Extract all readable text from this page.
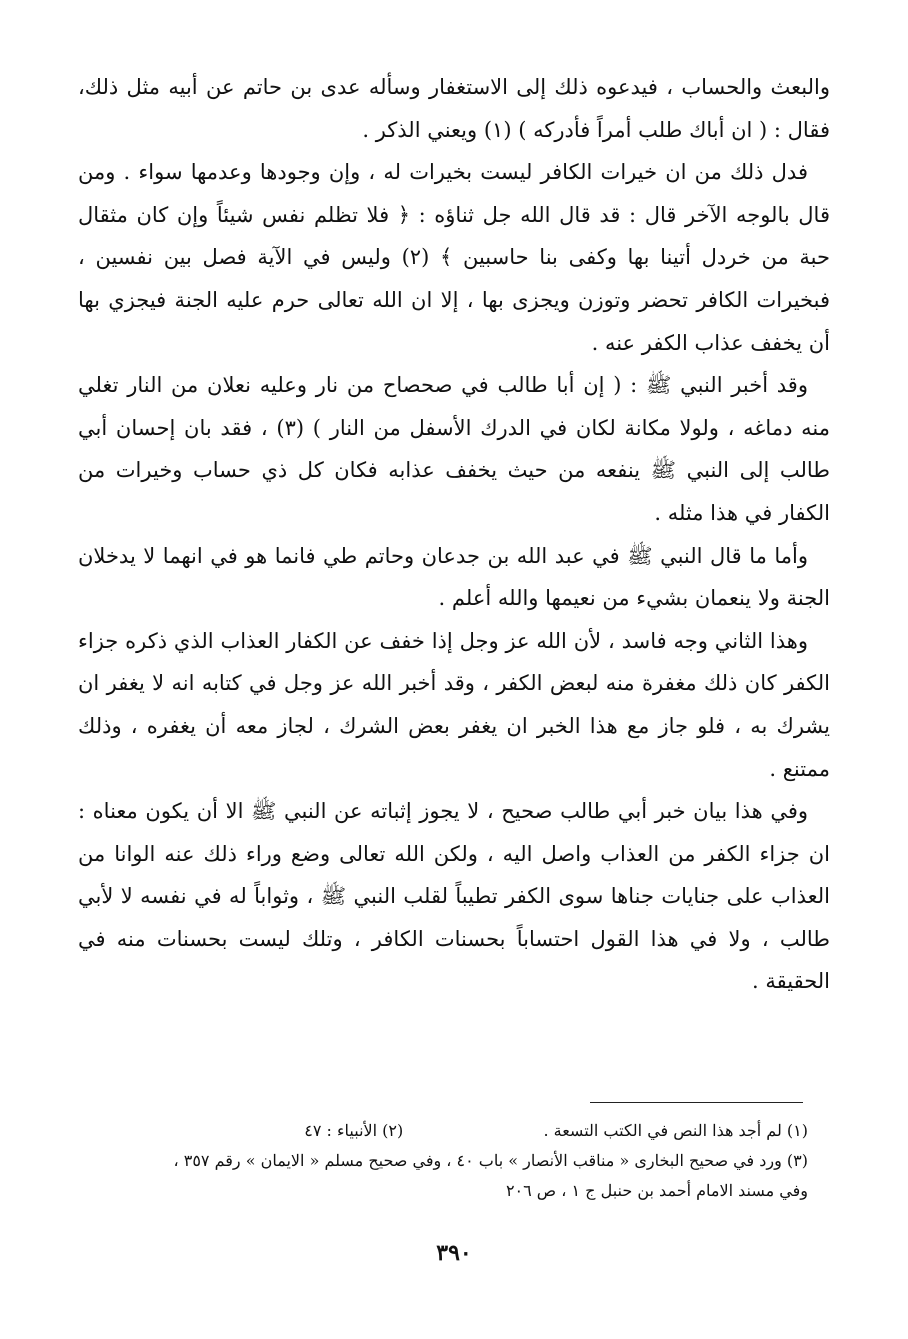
والبعث والحساب ، فيدعوه ذلك إلى الاستغفار وسأله عدى بن حاتم عن أبيه مثل ذلك، فقال : ( ان أباك طلب أمراً فأدركه ) (١) ويعني الذكر .

فدل ذلك من ان خيرات الكافر ليست بخيرات له ، وإن وجودها وعدمها سواء . ومن قال بالوجه الآخر قال : قد قال الله جل ثناؤه : ﴿ فلا تظلم نفس شيئاً وإن كان مثقال حبة من خردل أتينا بها وكفى بنا حاسبين ﴾ (٢) وليس في الآية فصل بين نفسين ، فبخيرات الكافر تحضر وتوزن ويجزى بها ، إلا ان الله تعالى حرم عليه الجنة فيجزي بها أن يخفف عذاب الكفر عنه .

وقد أخبر النبي ﷺ : ( إن أبا طالب في صحصاح من نار وعليه نعلان من النار تغلي منه دماغه ، ولولا مكانة لكان في الدرك الأسفل من النار ) (٣) ، فقد بان إحسان أبي طالب إلى النبي ﷺ ينفعه من حيث يخفف عذابه فكان كل ذي حساب وخيرات من الكفار في هذا مثله .

وأما ما قال النبي ﷺ في عبد الله بن جدعان وحاتم طي فانما هو في انهما لا يدخلان الجنة ولا ينعمان بشيء من نعيمها والله أعلم .

وهذا الثاني وجه فاسد ، لأن الله عز وجل إذا خفف عن الكفار العذاب الذي ذكره جزاء الكفر كان ذلك مغفرة منه لبعض الكفر ، وقد أخبر الله عز وجل في كتابه انه لا يغفر ان يشرك به ، فلو جاز مع هذا الخبر ان يغفر بعض الشرك ، لجاز معه أن يغفره ، وذلك ممتنع .

وفي هذا بيان خبر أبي طالب صحيح ، لا يجوز إثباته عن النبي ﷺ الا أن يكون معناه : ان جزاء الكفر من العذاب واصل اليه ، ولكن الله تعالى وضع وراء ذلك عنه الوانا من العذاب على جنايات جناها سوى الكفر تطيباً لقلب النبي ﷺ ، وثواباً له في نفسه لا لأبي طالب ، ولا في هذا القول احتساباً بحسنات الكافر ، وتلك ليست بحسنات منه في الحقيقة .

(١) لم أجد هذا النص في الكتب التسعة .  (٢) الأنبياء : ٤٧

(٣) ورد في صحيح البخارى « مناقب الأنصار » باب ٤٠ ، وفي صحيح مسلم « الايمان » رقم ٣٥٧ ،

وفي مسند الامام أحمد بن حنبل ج ١ ، ص ٢٠٦

٣٩٠
